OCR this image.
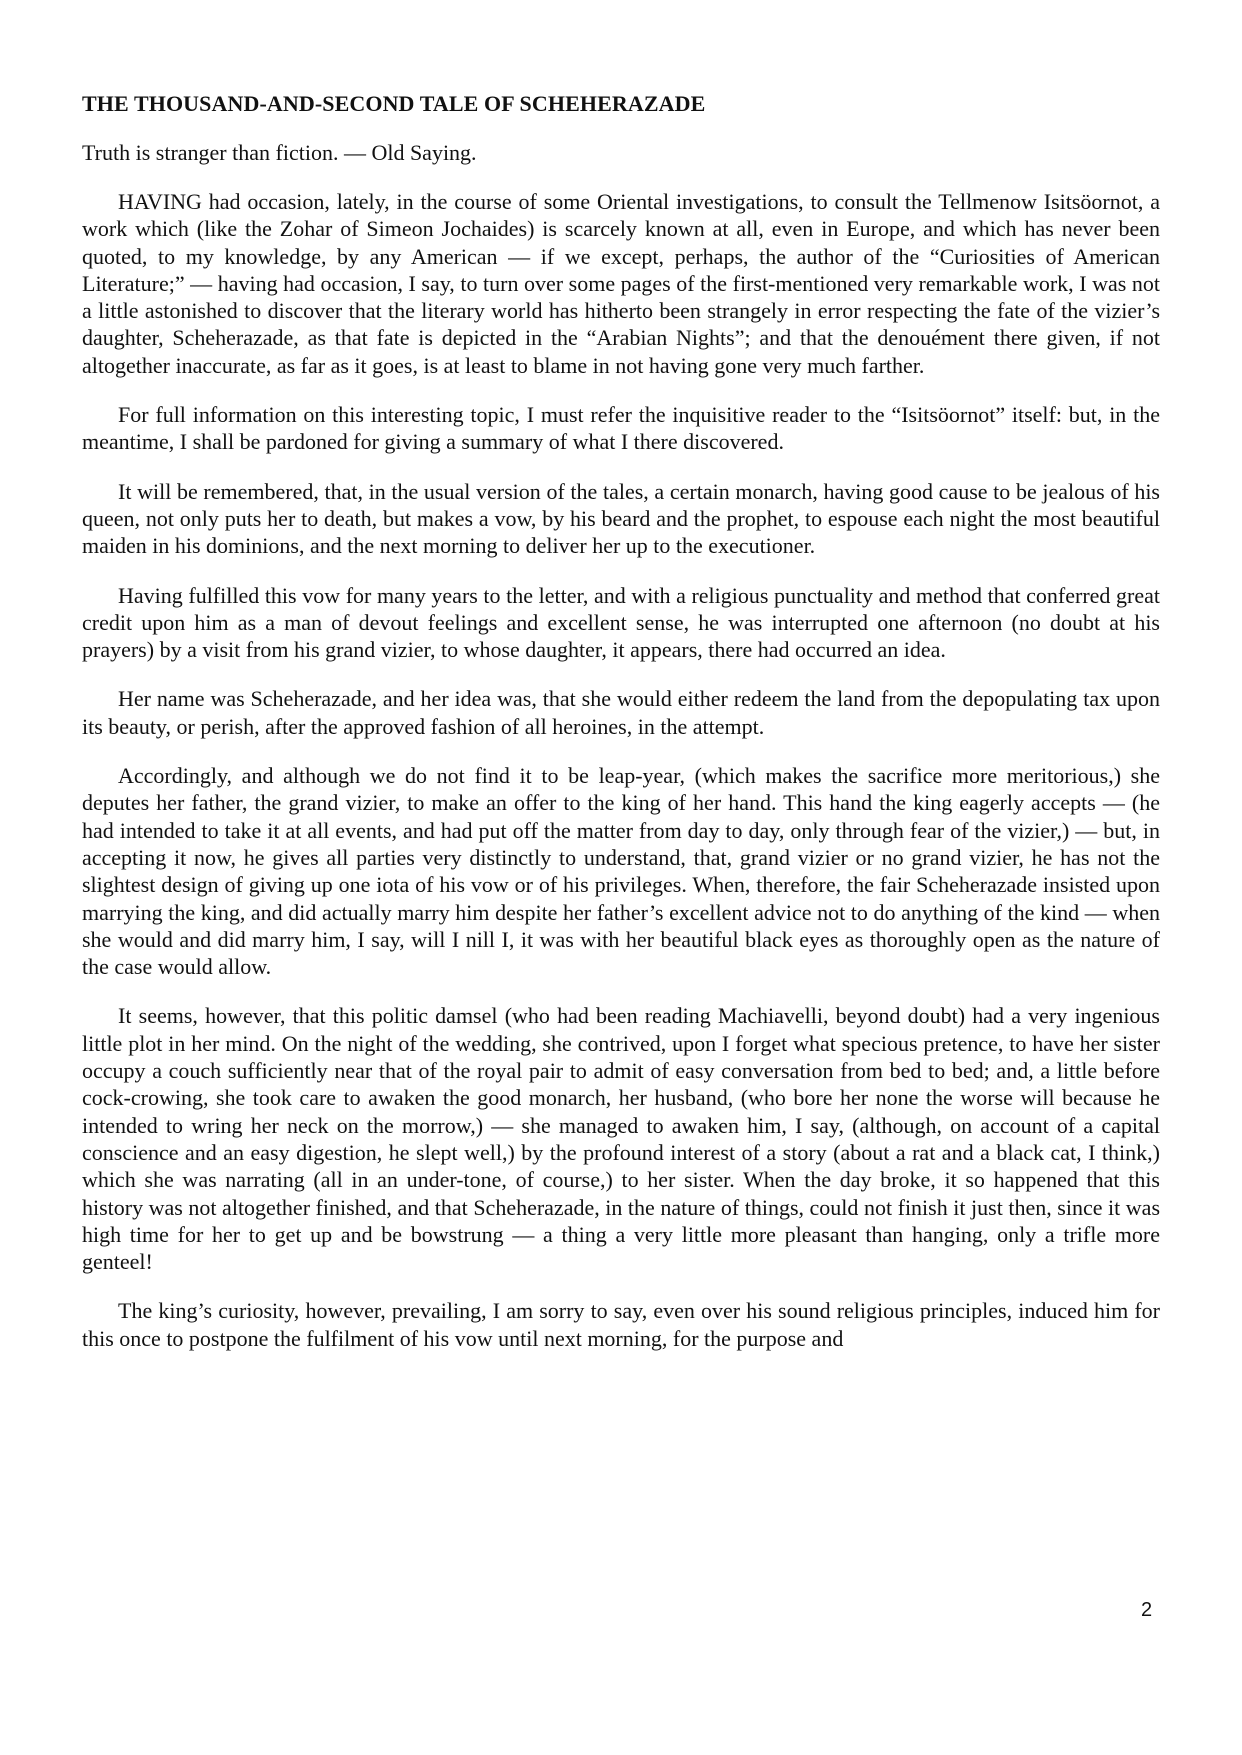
THE THOUSAND-AND-SECOND TALE OF SCHEHERAZADE
Truth is stranger than fiction. — Old Saying.

HAVING had occasion, lately, in the course of some Oriental investigations, to consult the Tellmenow Isitsöornot, a work which (like the Zohar of Simeon Jochaides) is scarcely known at all, even in Europe, and which has never been quoted, to my knowledge, by any American — if we except, perhaps, the author of the “Curiosities of American Literature;” — having had occasion, I say, to turn over some pages of the first-mentioned very remarkable work, I was not a little astonished to discover that the literary world has hitherto been strangely in error respecting the fate of the vizier’s daughter, Scheherazade, as that fate is depicted in the “Arabian Nights”; and that the denouément there given, if not altogether inaccurate, as far as it goes, is at least to blame in not having gone very much farther.

For full information on this interesting topic, I must refer the inquisitive reader to the “Isitsöornot” itself: but, in the meantime, I shall be pardoned for giving a summary of what I there discovered.

It will be remembered, that, in the usual version of the tales, a certain monarch, having good cause to be jealous of his queen, not only puts her to death, but makes a vow, by his beard and the prophet, to espouse each night the most beautiful maiden in his dominions, and the next morning to deliver her up to the executioner.

Having fulfilled this vow for many years to the letter, and with a religious punctuality and method that conferred great credit upon him as a man of devout feelings and excellent sense, he was interrupted one afternoon (no doubt at his prayers) by a visit from his grand vizier, to whose daughter, it appears, there had occurred an idea.

Her name was Scheherazade, and her idea was, that she would either redeem the land from the depopulating tax upon its beauty, or perish, after the approved fashion of all heroines, in the attempt.

Accordingly, and although we do not find it to be leap-year, (which makes the sacrifice more meritorious,) she deputes her father, the grand vizier, to make an offer to the king of her hand. This hand the king eagerly accepts — (he had intended to take it at all events, and had put off the matter from day to day, only through fear of the vizier,) — but, in accepting it now, he gives all parties very distinctly to understand, that, grand vizier or no grand vizier, he has not the slightest design of giving up one iota of his vow or of his privileges. When, therefore, the fair Scheherazade insisted upon marrying the king, and did actually marry him despite her father’s excellent advice not to do anything of the kind — when she would and did marry him, I say, will I nill I, it was with her beautiful black eyes as thoroughly open as the nature of the case would allow.

It seems, however, that this politic damsel (who had been reading Machiavelli, beyond doubt) had a very ingenious little plot in her mind. On the night of the wedding, she contrived, upon I forget what specious pretence, to have her sister occupy a couch sufficiently near that of the royal pair to admit of easy conversation from bed to bed; and, a little before cock-crowing, she took care to awaken the good monarch, her husband, (who bore her none the worse will because he intended to wring her neck on the morrow,) — she managed to awaken him, I say, (although, on account of a capital conscience and an easy digestion, he slept well,) by the profound interest of a story (about a rat and a black cat, I think,) which she was narrating (all in an under-tone, of course,) to her sister. When the day broke, it so happened that this history was not altogether finished, and that Scheherazade, in the nature of things, could not finish it just then, since it was high time for her to get up and be bowstrung — a thing a very little more pleasant than hanging, only a trifle more genteel!

The king’s curiosity, however, prevailing, I am sorry to say, even over his sound religious principles, induced him for this once to postpone the fulfilment of his vow until next morning, for the purpose and

2
